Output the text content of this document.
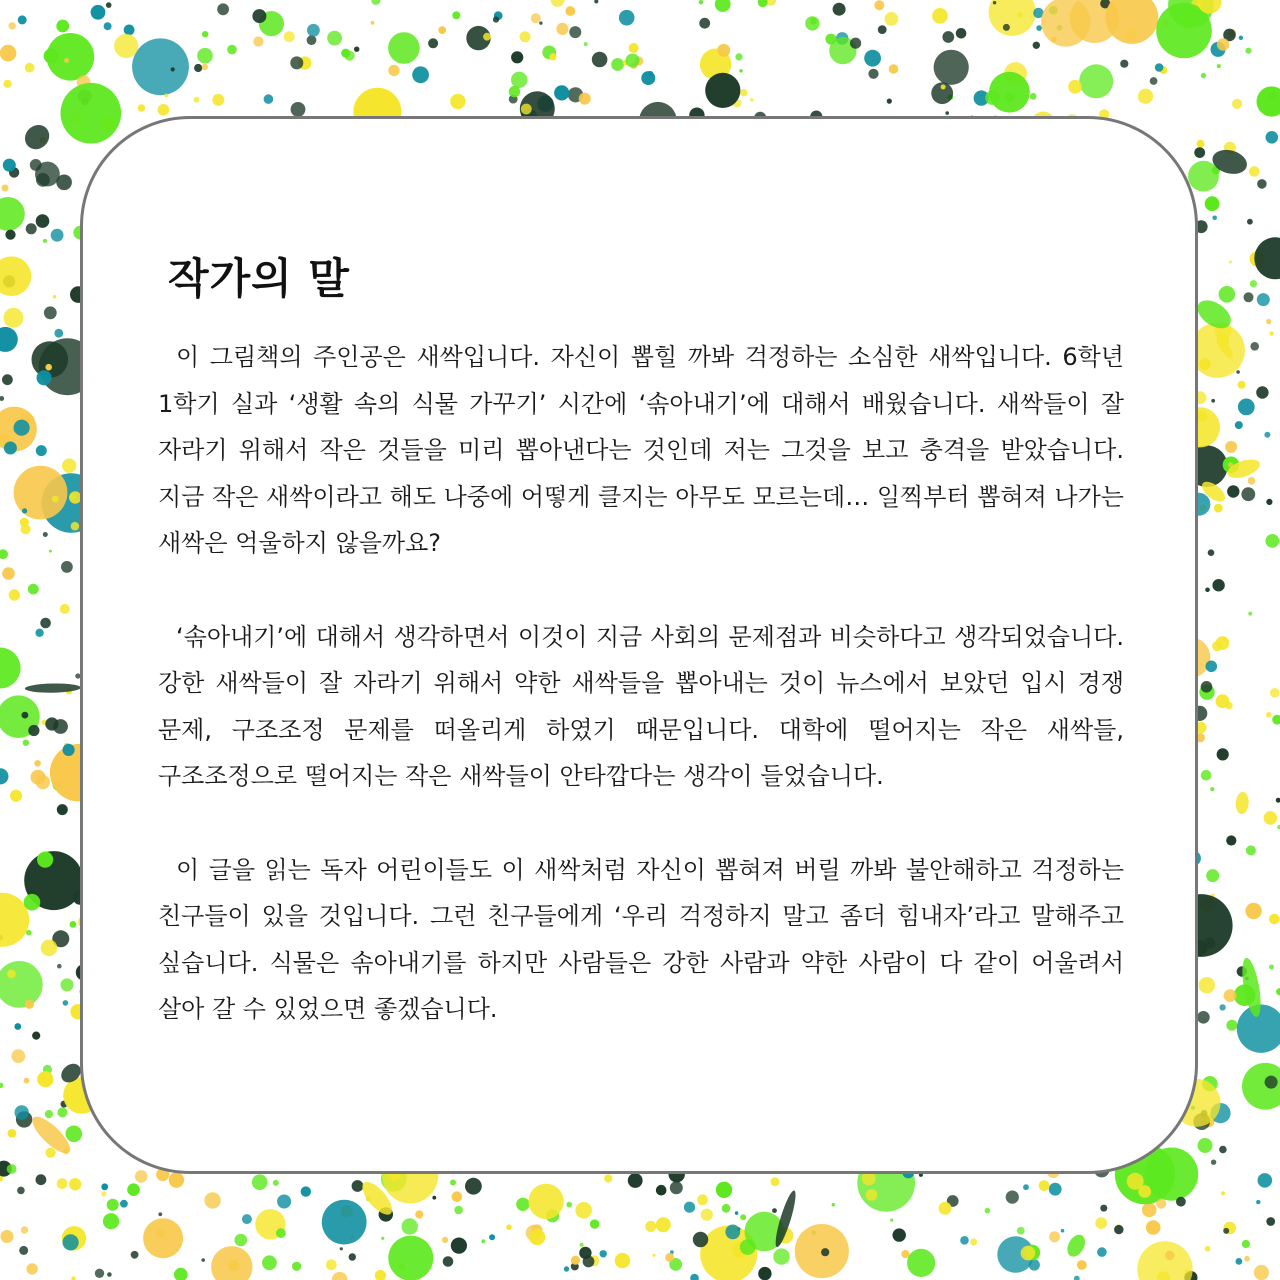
작가의 말

이 그림책의 주인공은 새싹입니다. 자신이 뽑힐 까봐 걱정하는 소심한 새싹입니다. 6학년 1학기 실과 ‘생활 속의 식물 가꾸기’ 시간에 ‘솎아내기’에 대해서 배웠습니다. 새싹들이 잘 자라기 위해서 작은 것들을 미리 뽑아낸다는 것인데 저는 그것을 보고 충격을 받았습니다. 지금 작은 새싹이라고 해도 나중에 어떻게 클지는 아무도 모르는데… 일찍부터 뽑혀져 나가는 새싹은 억울하지 않을까요?

‘솎아내기’에 대해서 생각하면서 이것이 지금 사회의 문제점과 비슷하다고 생각되었습니다. 강한 새싹들이 잘 자라기 위해서 약한 새싹들을 뽑아내는 것이 뉴스에서 보았던 입시 경쟁 문제, 구조조정 문제를 떠올리게 하였기 때문입니다. 대학에 떨어지는 작은 새싹들, 구조조정으로 떨어지는 작은 새싹들이 안타깝다는 생각이 들었습니다.

이 글을 읽는 독자 어린이들도 이 새싹처럼 자신이 뽑혀져 버릴 까봐 불안해하고 걱정하는 친구들이 있을 것입니다. 그런 친구들에게 ‘우리 걱정하지 말고 좀더 힘내자’라고 말해주고 싶습니다. 식물은 솎아내기를 하지만 사람들은 강한 사람과 약한 사람이 다 같이 어울려서 살아 갈 수 있었으면 좋겠습니다.
